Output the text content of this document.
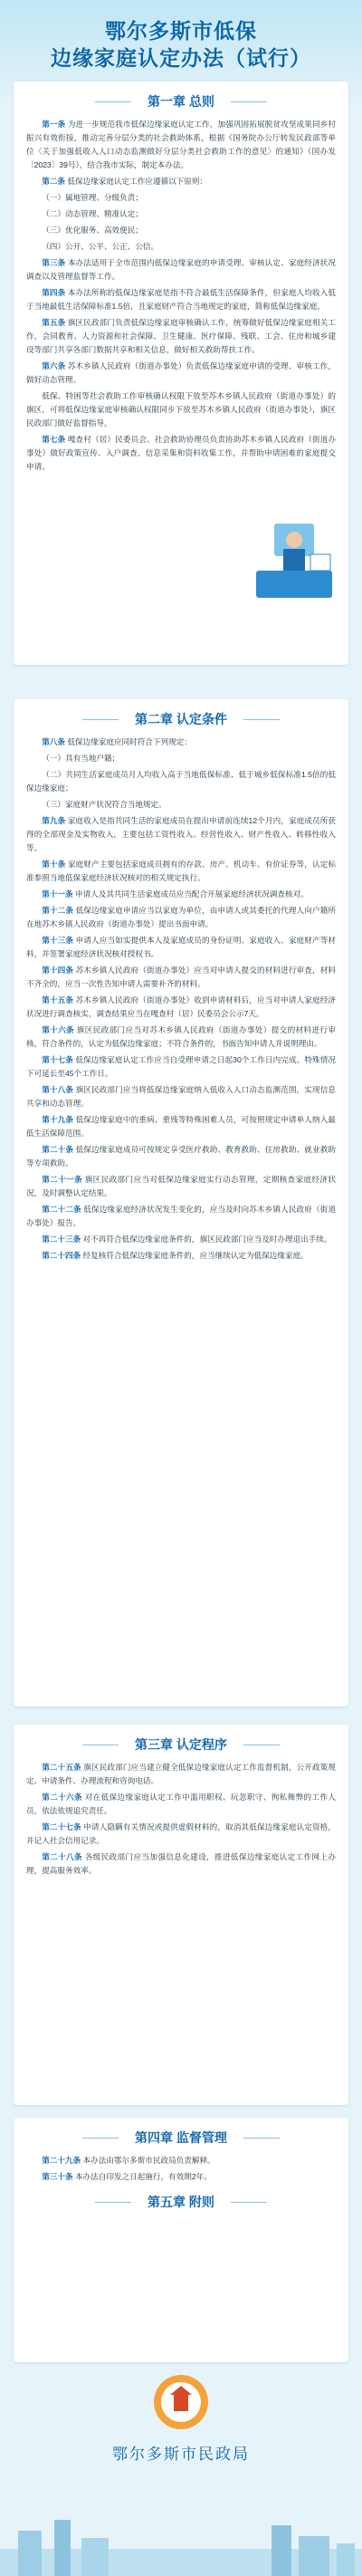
鄂尔多斯市低保
边缘家庭认定办法（试行）
第一章 总则

第一条 为进一步规范我市低保边缘家庭认定工作，加强巩固拓展脱贫攻坚成果同乡村振兴有效衔接，推动完善分层分类的社会救助体系，根据《国务院办公厅转发民政部等单位〈关于加强低收入人口动态监测做好分层分类社会救助工作的意见〉的通知》（国办发〔2023〕39号），结合我市实际，制定本办法。

第二条 低保边缘家庭认定工作应遵循以下原则：

（一）属地管理、分级负责；

（二）动态管理、精准认定；

（三）优化服务、高效便民；

（四）公开、公平、公正、公信。

第三条 本办法适用于全市范围内低保边缘家庭的申请受理、审核认定、家庭经济状况调查以及管理监督等工作。

第四条 本办法所称的低保边缘家庭是指不符合最低生活保障条件，但家庭人均收入低于当地最低生活保障标准1.5倍，且家庭财产符合当地规定的家庭，简称低保边缘家庭。

第五条 旗区民政部门负责低保边缘家庭审核确认工作，统筹做好低保边缘家庭相关工作，会同教育、人力资源和社会保障、卫生健康、医疗保障、残联、工会、住房和城乡建设等部门共享各部门数据共享和相关信息，做好相关救助帮扶工作。

第六条 苏木乡镇人民政府（街道办事处）负责低保边缘家庭申请的受理、审核工作，做好动态管理。

低保、特困等社会救助工作审核确认权限下放至苏木乡镇人民政府（街道办事处）的旗区，可将低保边缘家庭审核确认权限同步下放至苏木乡镇人民政府（街道办事处），旗区民政部门做好监督指导。

第七条 嘎查村（居）民委员会、社会救助协理员负责协助苏木乡镇人民政府（街道办事处）做好政策宣传、入户调查、信息采集和资料收集工作，并帮助申请困难的家庭提交申请。

第二章 认定条件

第八条 低保边缘家庭应同时符合下列规定：

（一）具有当地户籍；

（二）共同生活家庭成员月人均收入高于当地低保标准、低于城乡低保标准1.5倍的低保边缘家庭；

（三）家庭财产状况符合当地规定。

第九条 家庭收入是指共同生活的家庭成员在提出申请前连续12个月内，家庭成员所获得的全部现金及实物收入，主要包括工资性收入、经营性收入、财产性收入、转移性收入等。

第十条 家庭财产主要包括家庭成员拥有的存款、房产、机动车、有价证券等，认定标准参照当地低保家庭经济状况核对的相关规定执行。

第十一条 申请人及其共同生活家庭成员应当配合开展家庭经济状况调查核对。

第十二条 低保边缘家庭申请应当以家庭为单位，由申请人或其委托的代理人向户籍所在地苏木乡镇人民政府（街道办事处）提出书面申请。

第十三条 申请人应当如实提供本人及家庭成员的身份证明、家庭收入、家庭财产等材料，并签署家庭经济状况核对授权书。

第十四条 苏木乡镇人民政府（街道办事处）应当对申请人提交的材料进行审查，材料不齐全的，应当一次性告知申请人需要补齐的材料。

第十五条 苏木乡镇人民政府（街道办事处）收到申请材料后，应当对申请人家庭经济状况进行调查核实，调查结果应当在嘎查村（居）民委员会公示7天。

第十六条 旗区民政部门应当对苏木乡镇人民政府（街道办事处）提交的材料进行审核，符合条件的，认定为低保边缘家庭；不符合条件的，书面告知申请人并说明理由。

第十七条 低保边缘家庭认定工作应当自受理申请之日起30个工作日内完成。特殊情况下可延长至45个工作日。

第十八条 旗区民政部门应当将低保边缘家庭纳入低收入人口动态监测范围，实现信息共享和动态管理。

第十九条 低保边缘家庭中的重病、重残等特殊困难人员，可按照规定申请单人纳入最低生活保障范围。

第二十条 低保边缘家庭成员可按规定享受医疗救助、教育救助、住房救助、就业救助等专项救助。

第二十一条 旗区民政部门应当对低保边缘家庭实行动态管理，定期核查家庭经济状况，及时调整认定结果。

第二十二条 低保边缘家庭经济状况发生变化的，应当及时向苏木乡镇人民政府（街道办事处）报告。

第二十三条 对不再符合低保边缘家庭条件的，旗区民政部门应当及时办理退出手续。

第二十四条 经复核符合低保边缘家庭条件的，应当继续认定为低保边缘家庭。

第三章 认定程序

第二十五条 旗区民政部门应当建立健全低保边缘家庭认定工作监督机制，公开政策规定、申请条件、办理流程和咨询电话。

第二十六条 对在低保边缘家庭认定工作中滥用职权、玩忽职守、徇私舞弊的工作人员，依法依规追究责任。

第二十七条 申请人隐瞒有关情况或提供虚假材料的，取消其低保边缘家庭认定资格，并记入社会信用记录。

第二十八条 各级民政部门应当加强信息化建设，推进低保边缘家庭认定工作网上办理，提高服务效率。

第四章 监督管理

第二十九条 本办法由鄂尔多斯市民政局负责解释。

第三十条 本办法自印发之日起施行，有效期2年。

第五章 附则
鄂尔多斯市民政局
